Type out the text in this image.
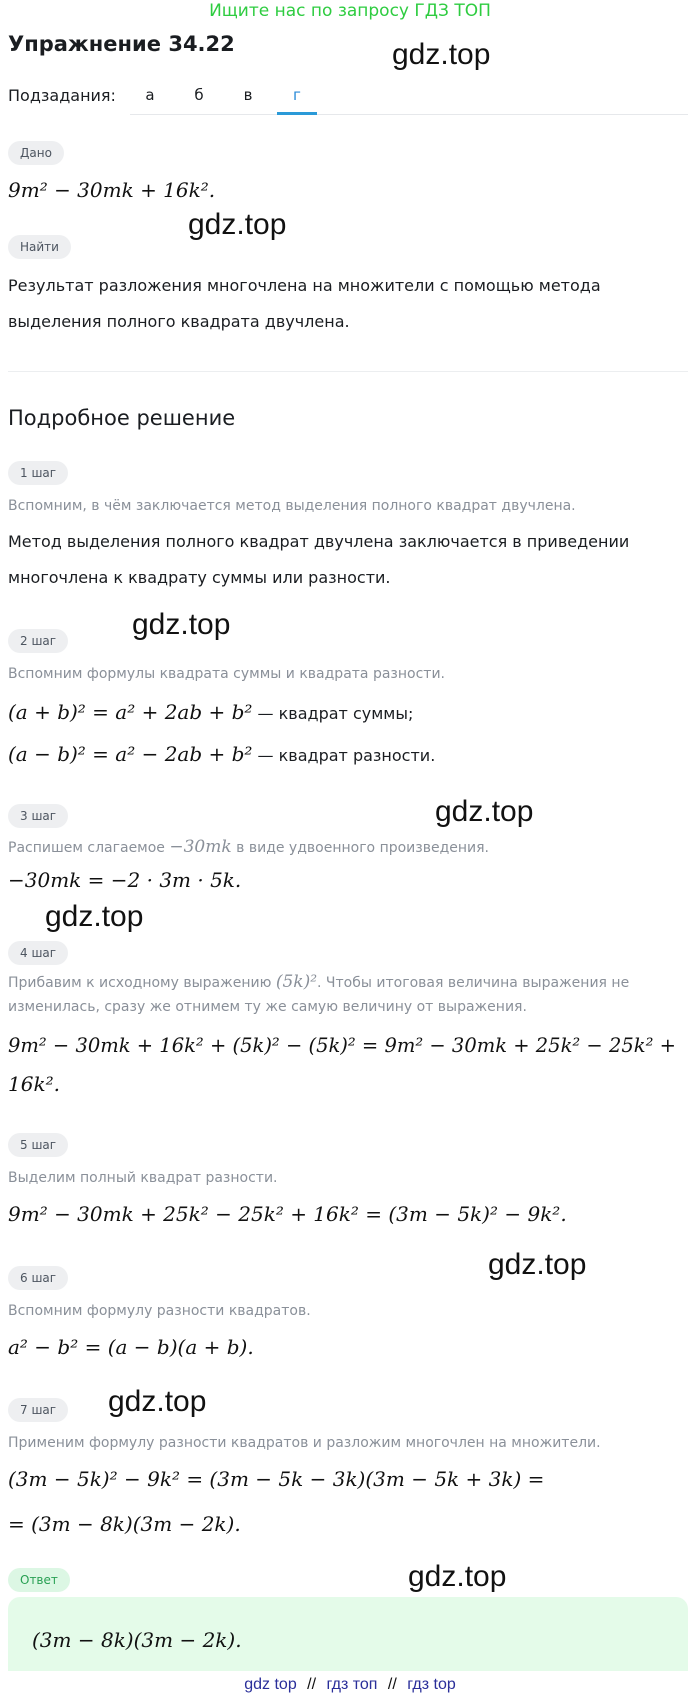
Ищите нас по запросу ГДЗ ТОП
Упражнение 34.22	gdz.top
gdz.top
gdz.top
gdz.top
gdz.top
gdz.top
gdz.top
gdz.top
Подзадания:	а	б	в	г
Дано
9m² − 30mk + 16k².
Найти
Результат разложения многочлена на множители с помощью метода
выделения полного квадрата двучлена.
Подробное решение
1 шаг
Вспомним, в чём заключается метод выделения полного квадрат двучлена.
Метод выделения полного квадрат двучлена заключается в приведении
многочлена к квадрату суммы или разности.
2 шаг
Вспомним формулы квадрата суммы и квадрата разности.
(a + b)² = a² + 2ab + b² — квадрат суммы;
(a − b)² = a² − 2ab + b² — квадрат разности.
3 шаг
Распишем слагаемое −30mk в виде удвоенного произведения.
−30mk = −2 · 3m · 5k.
4 шаг
Прибавим к исходному выражению (5k)². Чтобы итоговая величина выражения не
изменилась, сразу же отнимем ту же самую величину от выражения.
9m² − 30mk + 16k² + (5k)² − (5k)² = 9m² − 30mk + 25k² − 25k² +
16k².
5 шаг
Выделим полный квадрат разности.
9m² − 30mk + 25k² − 25k² + 16k² = (3m − 5k)² − 9k².
6 шаг
Вспомним формулу разности квадратов.
a² − b² = (a − b)(a + b).
7 шаг
Применим формулу разности квадратов и разложим многочлен на множители.
(3m − 5k)² − 9k² = (3m − 5k − 3k)(3m − 5k + 3k) =
= (3m − 8k)(3m − 2k).
Ответ
(3m − 8k)(3m − 2k).
gdz top // гдз топ // гдз top
